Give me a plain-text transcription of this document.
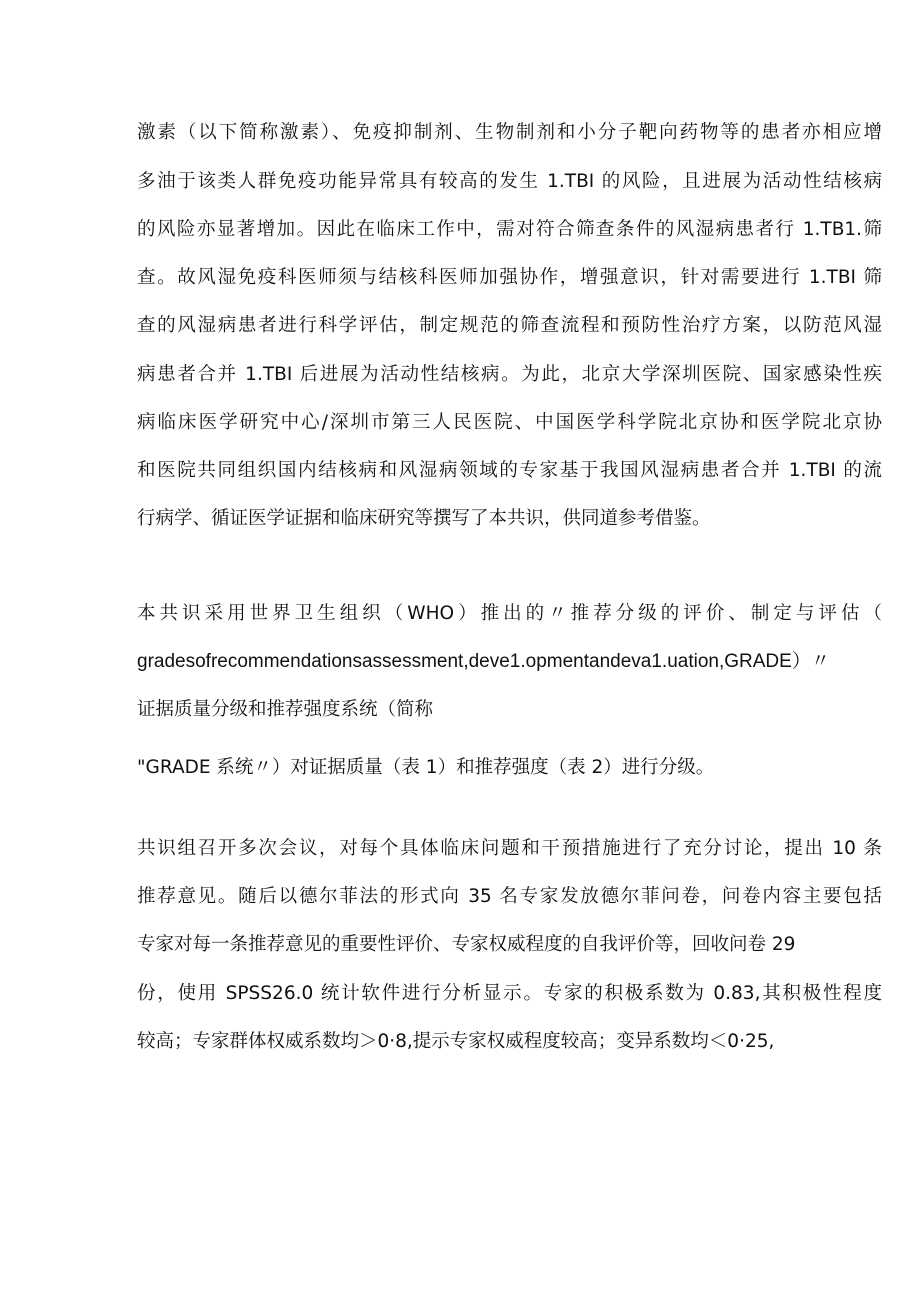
激素（以下简称激素）、免疫抑制剂、生物制剂和小分子靶向药物等的患者亦相应增
多油于该类人群免疫功能异常具有较高的发生 1.TBI 的风险，且进展为活动性结核病
的风险亦显著增加。因此在临床工作中，需对符合筛查条件的风湿病患者行 1.TB1.筛
查。故风湿免疫科医师须与结核科医师加强协作，增强意识，针对需要进行 1.TBI 筛
查的风湿病患者进行科学评估，制定规范的筛查流程和预防性治疗方案，以防范风湿
病患者合并 1.TBI 后进展为活动性结核病。为此，北京大学深圳医院、国家感染性疾
病临床医学研究中心/深圳市第三人民医院、中国医学科学院北京协和医学院北京协
和医院共同组织国内结核病和风湿病领域的专家基于我国风湿病患者合并 1.TBI 的流
行病学、循证医学证据和临床研究等撰写了本共识，供同道参考借鉴。
本共识采用世界卫生组织（WHO）推出的〃推荐分级的评价、制定与评估（
gradesofrecommendationsassessment,deve1.opmentandeva1.uation,GRADE）〃
证据质量分级和推荐强度系统（简称
"GRADE 系统〃）对证据质量（表 1）和推荐强度（表 2）进行分级。
共识组召开多次会议，对每个具体临床问题和干预措施进行了充分讨论，提出 10 条
推荐意见。随后以德尔菲法的形式向 35 名专家发放德尔菲问卷，问卷内容主要包括
专家对每一条推荐意见的重要性评价、专家权威程度的自我评价等，回收问卷 29
份，使用 SPSS26.0 统计软件进行分析显示。专家的积极系数为 0.83,其积极性程度
较高；专家群体权威系数均＞0·8,提示专家权威程度较高；变异系数均＜0·25,
